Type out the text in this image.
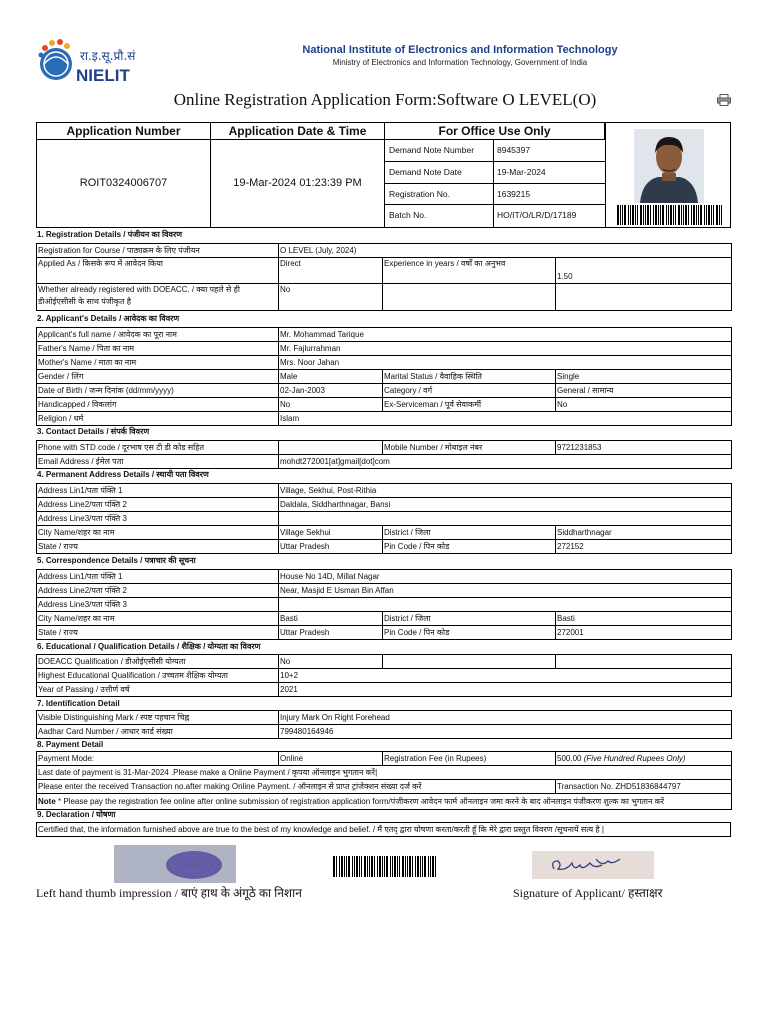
रा.इ.सू.प्रौ.सं
NIELIT
National Institute of Electronics and Information Technology
Ministry of Electronics and Information Technology, Government of India
Online Registration Application Form:Software O LEVEL(O)
Application Number	Application Date & Time	For Office Use Only
ROIT0324006707	19-Mar-2024 01:23:39 PM
Demand Note Number	8945397
Demand Note Date	19-Mar-2024
Registration No.	1639215
Batch No.	HO/IT/O/LR/D/17189
1. Registration Details / पंजीयन का विवरण
Registration for Course / पाठ्यक्रम के लिए पंजीयन	O LEVEL (July, 2024)		
Applied As / किसके रूप में आवेदन किया	Direct	Experience in years / वर्षों का अनुभव	1.50

Whether already registered with DOEACC. / क्या पहले से ही
डीओईएसीसी के साथ पंजीकृत है	No		
2. Applicant's Details / आवेदक का विवरण
Applicant's full name / आवेदक का पूरा नाम	Mr. Mohammad Tarique		
Father's Name / पिता का नाम	Mr. Fajlurrahman		
Mother's Name / माता का नाम	Mrs. Noor Jahan		
Gender / लिंग	Male	Marital Status / वैवाहिक स्थिति	Single
Date of Birth / जन्म दिनांक (dd/mm/yyyy)	02-Jan-2003	Category / वर्ग	General / सामान्य
Handicapped / विकलांग	No	Ex-Serviceman / पूर्व सेवाकर्मी	No
Religion / धर्म	Islam		
3. Contact Details / संपर्क विवरण
Phone with STD code / दूरभाष एस टी डी कोड सहित		Mobile Number / मोबाइल नंबर	9721231853
Email Address / ईमेल पता	mohdt272001[at]gmail[dot]com		
4. Permanent Address Details / स्थायी पता विवरण
Address Lin1/पता पंक्ति 1	Village, Sekhui, Post-Rithia		
Address Line2/पता पंक्ति 2	Daldala, Siddharthnagar, Bansi		
Address Line3/पता पंक्ति 3			
City Name/शहर का नाम	Village Sekhui	District / जिला	Siddharthnagar
State / राज्य	Uttar Pradesh	Pin Code / पिन कोड	272152
5. Correspondence Details / पत्राचार की सूचना
Address Lin1/पता पंक्ति 1	House No 14D, Millat Nagar		
Address Line2/पता पंक्ति 2	Near, Masjid E Usman Bin Affan		
Address Line3/पता पंक्ति 3			
City Name/शहर का नाम	Basti	District / जिला	Basti
State / राज्य	Uttar Pradesh	Pin Code / पिन कोड	272001
6. Educational / Qualification Details / शैक्षिक / योग्यता का विवरण
DOEACC Qualification / डीओईएसीसी योग्यता	No		
Highest Educational Qualification / उच्चतम शैक्षिक योग्यता	10+2		
Year of Passing / उत्तीर्ण वर्ष	2021		
7. Identification Detail
Visible Distinguishing Mark / स्पष्ट पहचान चिह्न	Injury Mark On Right Forehead
Aadhar Card Number / आधार कार्ड संख्या	799480164946
8. Payment Detail
Payment Mode:	Online	Registration Fee (in Rupees)	500.00 (Five Hundred Rupees Only)
Last date of payment is 31-Mar-2024 .Please make a Online Payment / कृपया ऑनलाइन भुगतान करें|			
Please enter the received Transaction no.after making Online Payment. / ऑनलाइन से प्राप्त ट्रांजेक्शन संख्या दर्ज करें			Transaction No. ZHD51836844797
Note * Please pay the registration fee online after online submission of registration application form/पंजीकरण आवेदन फार्म ऑनलाइन जमा करने के बाद ऑनलाइन पंजीकरण शुल्क का भुगतान करें			
9. Declaration / घोषणा
Certified that, the information furnished above are true to the best of my knowledge and belief. / मैं एतद् द्वारा घोषणा करता/करती हूँ कि मेरे द्वारा प्रस्तुत विवरण /सूचनायें सत्य है |
Left hand thumb impression / बाएं हाथ के अंगूठे का निशान	Signature of Applicant/ हस्ताक्षर
